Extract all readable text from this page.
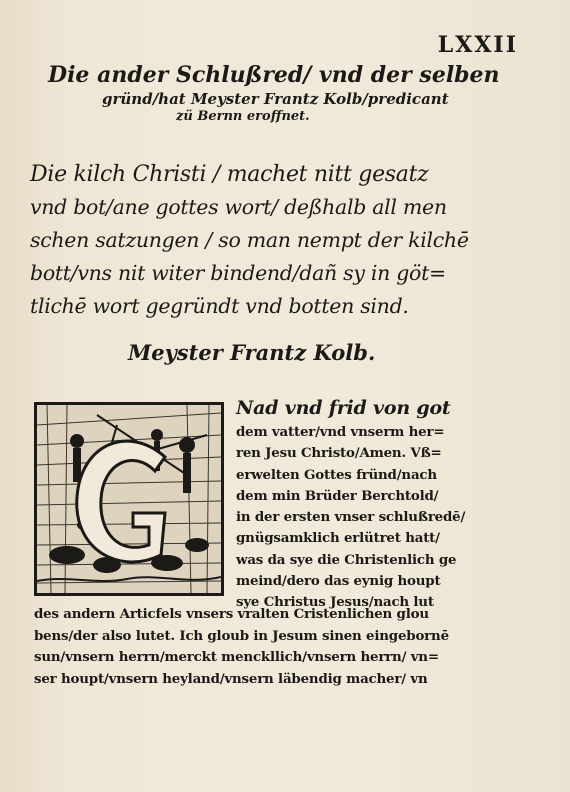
LXXII
Die ander Schlußred/ vnd der selben
gründ/hat Meyster Frantz Kolb/predicant
zü Bernn eroffnet.
Die kilch Christi / machet nitt gesatz
vnd bot/ane gottes wort/ deßhalb all men
schen satzungen / so man nempt der kilchē
bott/vns nit witer bindend/dañ sy in göt=
tlichē wort gegründt vnd botten sind.
Meyster Frantz Kolb.
Nad vnd frid von got
dem vatter/vnd vnserm her=
ren Jesu Christo/Amen. Vß=
erwelten Gottes fründ/nach
dem min Brüder Berchtold/
in der ersten vnser schlußredē/
gnügsamklich erlütret hatt/
was da sye die Christenlich ge
meind/dero das eynig houpt
sye Christus Jesus/nach lut
des andern Articfels vnsers vralten Cristenlichen glou
bens/der also lutet. Ich gloub in Jesum sinen eingebornē
sun/vnsern herrn/merckt menckllich/vnsern herrn/ vn=
ser houpt/vnsern heyland/vnsern läbendig macher/ vn
